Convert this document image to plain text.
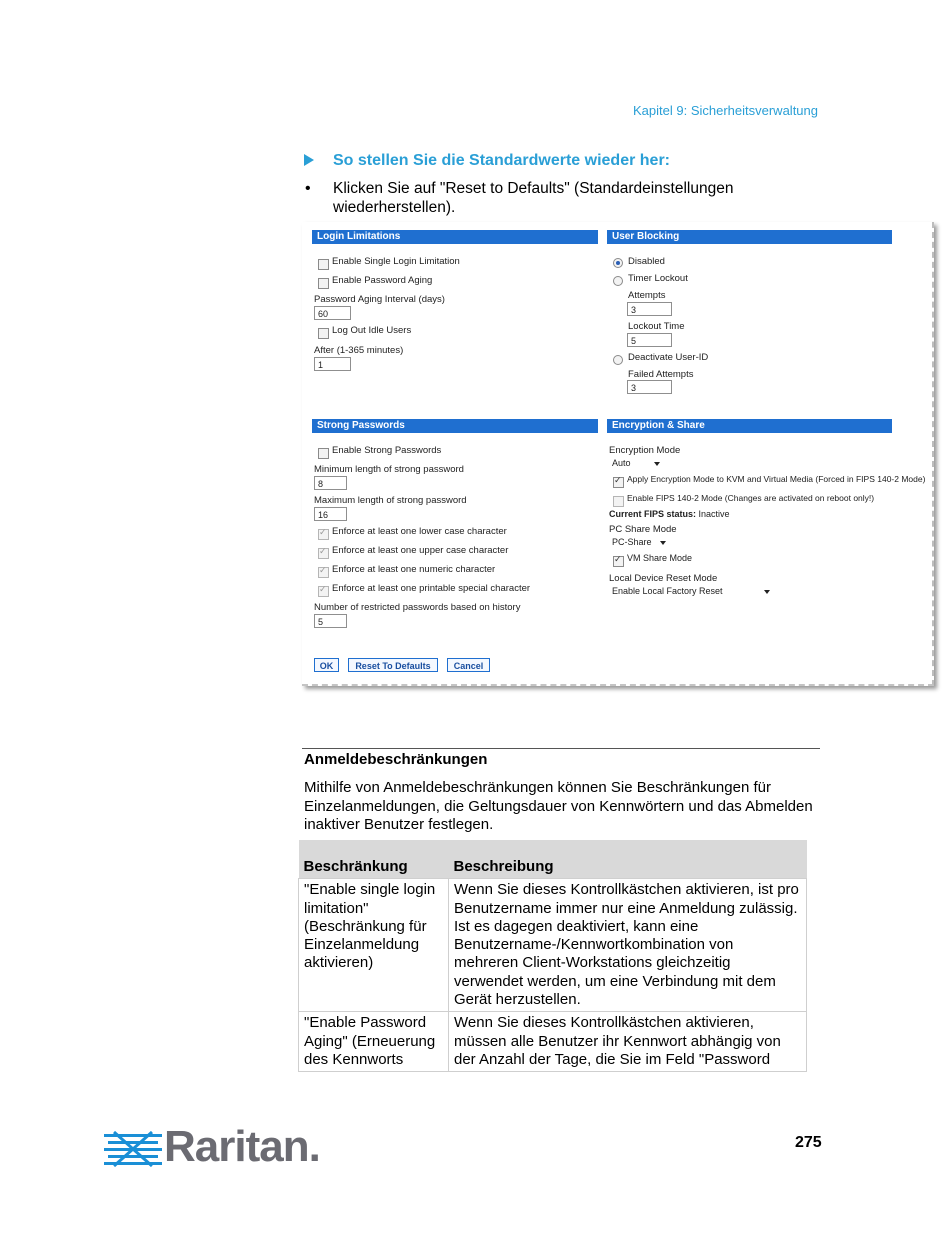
Kapitel 9: Sicherheitsverwaltung
So stellen Sie die Standardwerte wieder her:
• Klicken Sie auf "Reset to Defaults" (Standardeinstellungen wiederherstellen).
Login Limitations
Enable Single Login Limitation
Enable Password Aging
Password Aging Interval (days)
60
Log Out Idle Users
After (1-365 minutes)
1
User Blocking
Disabled
Timer Lockout
Attempts
3
Lockout Time
5
Deactivate User-ID
Failed Attempts
3
Strong Passwords
Enable Strong Passwords
Minimum length of strong password
8
Maximum length of strong password
16
✓
Enforce at least one lower case character
✓
Enforce at least one upper case character
✓
Enforce at least one numeric character
✓
Enforce at least one printable special character
Number of restricted passwords based on history
5
Encryption & Share
Encryption Mode
Auto
✓
Apply Encryption Mode to KVM and Virtual Media (Forced in FIPS 140-2 Mode)
Enable FIPS 140-2 Mode (Changes are activated on reboot only!)
Current FIPS status: Inactive
PC Share Mode
PC-Share
✓
VM Share Mode
Local Device Reset Mode
Enable Local Factory Reset
OK	Reset To Defaults	Cancel
Anmeldebeschränkungen
Mithilfe von Anmeldebeschränkungen können Sie Beschränkungen für Einzelanmeldungen, die Geltungsdauer von Kennwörtern und das Abmelden inaktiver Benutzer festlegen.
Beschränkung	Beschreibung
"Enable single login limitation" (Beschränkung für Einzelanmeldung aktivieren)	Wenn Sie dieses Kontrollkästchen aktivieren, ist pro Benutzername immer nur eine Anmeldung zulässig. Ist es dagegen deaktiviert, kann eine Benutzername-/Kennwortkombination von mehreren Client-Workstations gleichzeitig verwendet werden, um eine Verbindung mit dem Gerät herzustellen.
"Enable Password Aging" (Erneuerung des Kennworts	Wenn Sie dieses Kontrollkästchen aktivieren, müssen alle Benutzer ihr Kennwort abhängig von der Anzahl der Tage, die Sie im Feld "Password
Raritan.	275
